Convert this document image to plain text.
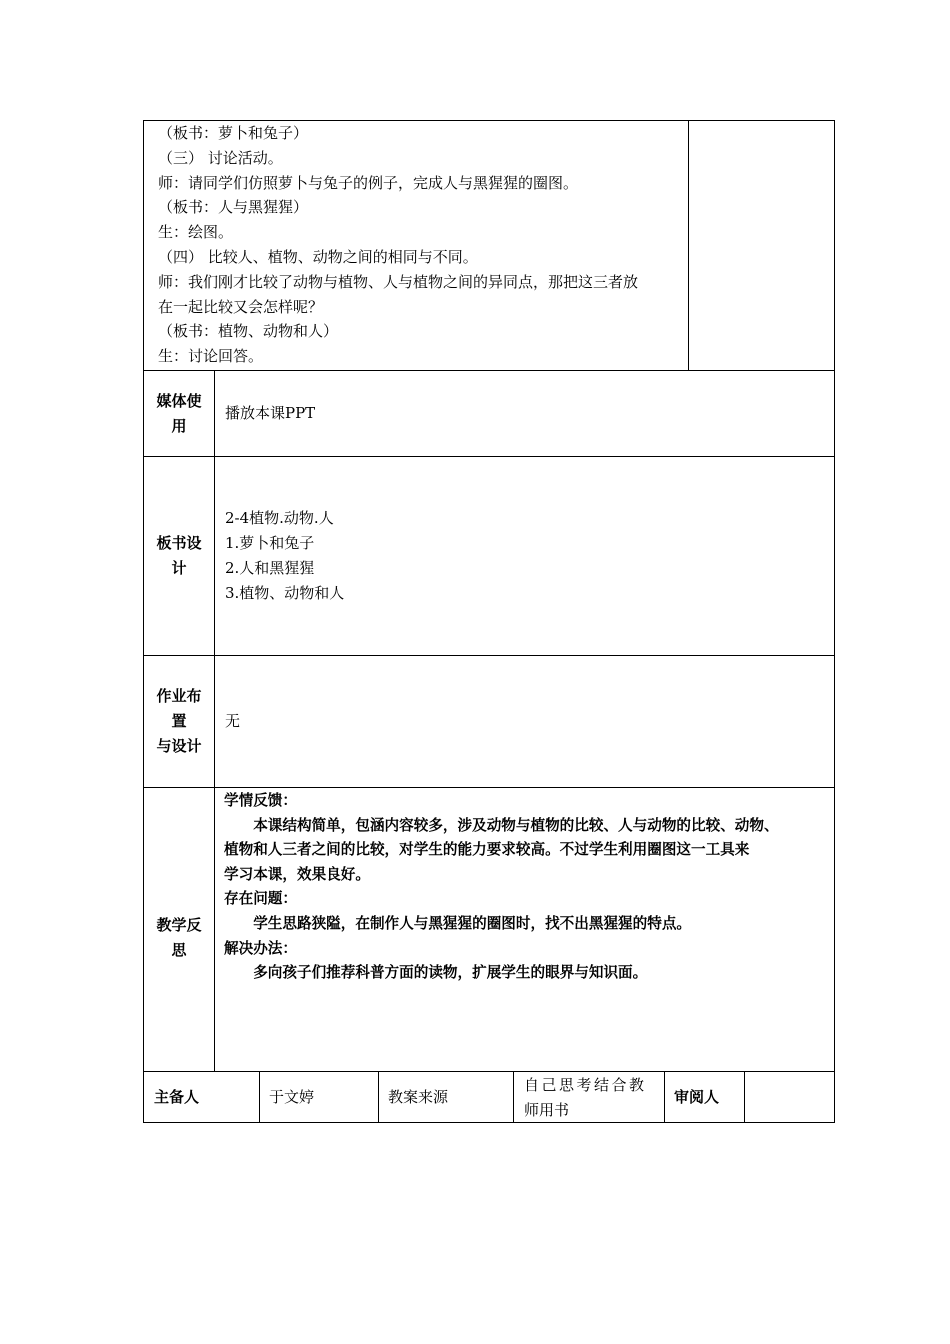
（板书：萝卜和兔子）
（三） 讨论活动。
师：请同学们仿照萝卜与兔子的例子，完成人与黑猩猩的圈图。
（板书：人与黑猩猩）
生：绘图。
（四） 比较人、植物、动物之间的相同与不同。
师：我们刚才比较了动物与植物、人与植物之间的异同点，那把这三者放
在一起比较又会怎样呢？
（板书：植物、动物和人）
生：讨论回答。
媒体使
用
播放本课PPT
板书设
计
2-4植物.动物.人
1.萝卜和兔子
2.人和黑猩猩
3.植物、动物和人
作业布
置
与设计
无
教学反
思

学情反馈：

本课结构简单，包涵内容较多，涉及动物与植物的比较、人与动物的比较、动物、

植物和人三者之间的比较，对学生的能力要求较高。不过学生利用圈图这一工具来

学习本课，效果良好。

存在问题：

学生思路狭隘，在制作人与黑猩猩的圈图时，找不出黑猩猩的特点。

解决办法：

多向孩子们推荐科普方面的读物，扩展学生的眼界与知识面。

主备人	于文婷	教案来源
自己思考结合教
师用书
审阅人
